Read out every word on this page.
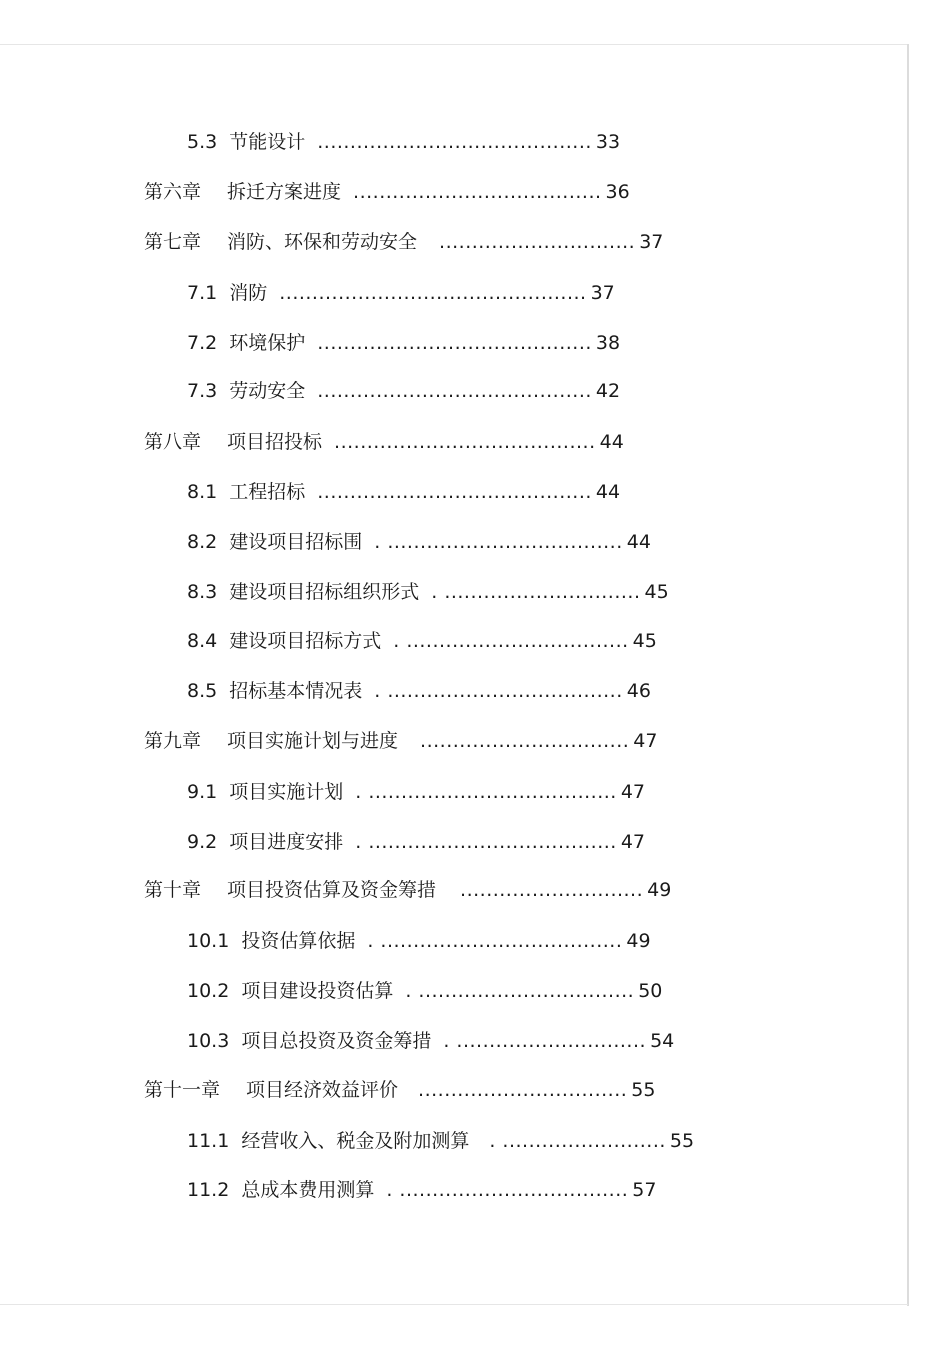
5.3 节能设计 .......................................... 33
第六章 拆迁方案进度 ...................................... 36
第七章 消防、环保和劳动安全 .............................. 37
7.1 消防 ............................................... 37
7.2 环境保护 .......................................... 38
7.3 劳动安全 .......................................... 42
第八章 项目招投标 ........................................ 44
8.1 工程招标 .......................................... 44
8.2 建设项目招标围 . .................................... 44
8.3 建设项目招标组织形式 . .............................. 45
8.4 建设项目招标方式 . .................................. 45
8.5 招标基本情况表 . .................................... 46
第九章 项目实施计划与进度 ................................ 47
9.1 项目实施计划 . ...................................... 47
9.2 项目进度安排 . ...................................... 47
第十章 项目投资估算及资金筹措 ............................ 49
10.1 投资估算依据 . ..................................... 49
10.2 项目建设投资估算 . ................................. 50
10.3 项目总投资及资金筹措 . ............................. 54
第十一章 项目经济效益评价 ................................ 55
11.1 经营收入、税金及附加测算 . ......................... 55
11.2 总成本费用测算 . ................................... 57
